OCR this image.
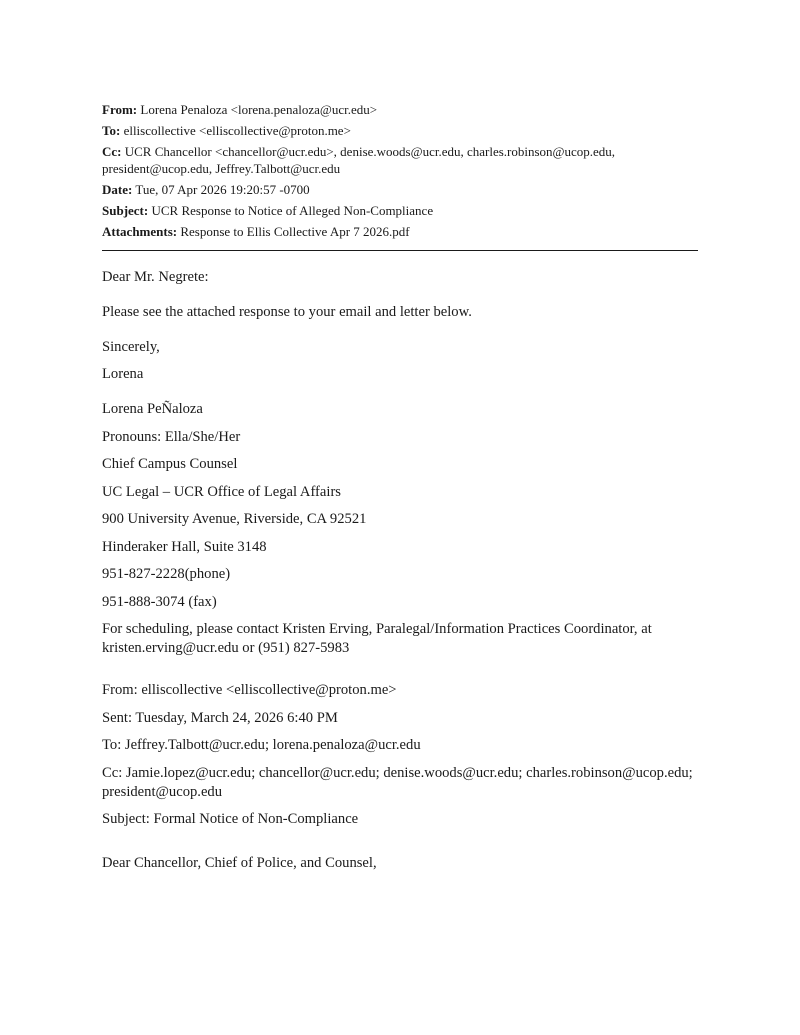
From: Lorena Penaloza <lorena.penaloza@ucr.edu>
To: elliscollective <elliscollective@proton.me>
Cc: UCR Chancellor <chancellor@ucr.edu>, denise.woods@ucr.edu, charles.robinson@ucop.edu, president@ucop.edu, Jeffrey.Talbott@ucr.edu
Date: Tue, 07 Apr 2026 19:20:57 -0700
Subject: UCR Response to Notice of Alleged Non-Compliance
Attachments: Response to Ellis Collective Apr 7 2026.pdf

Dear Mr. Negrete:

Please see the attached response to your email and letter below.

Sincerely,

Lorena

Lorena PeÑaloza

Pronouns: Ella/She/Her

Chief Campus Counsel

UC Legal – UCR Office of Legal Affairs

900 University Avenue, Riverside, CA 92521

Hinderaker Hall, Suite 3148

951-827-2228(phone)

951-888-3074 (fax)

For scheduling, please contact Kristen Erving, Paralegal/Information Practices Coordinator, at kristen.erving@ucr.edu or (951) 827-5983

From: elliscollective <elliscollective@proton.me>

Sent: Tuesday, March 24, 2026 6:40 PM

To: Jeffrey.Talbott@ucr.edu; lorena.penaloza@ucr.edu

Cc: Jamie.lopez@ucr.edu; chancellor@ucr.edu; denise.woods@ucr.edu; charles.robinson@ucop.edu; president@ucop.edu

Subject: Formal Notice of Non-Compliance

Dear Chancellor, Chief of Police, and Counsel,
